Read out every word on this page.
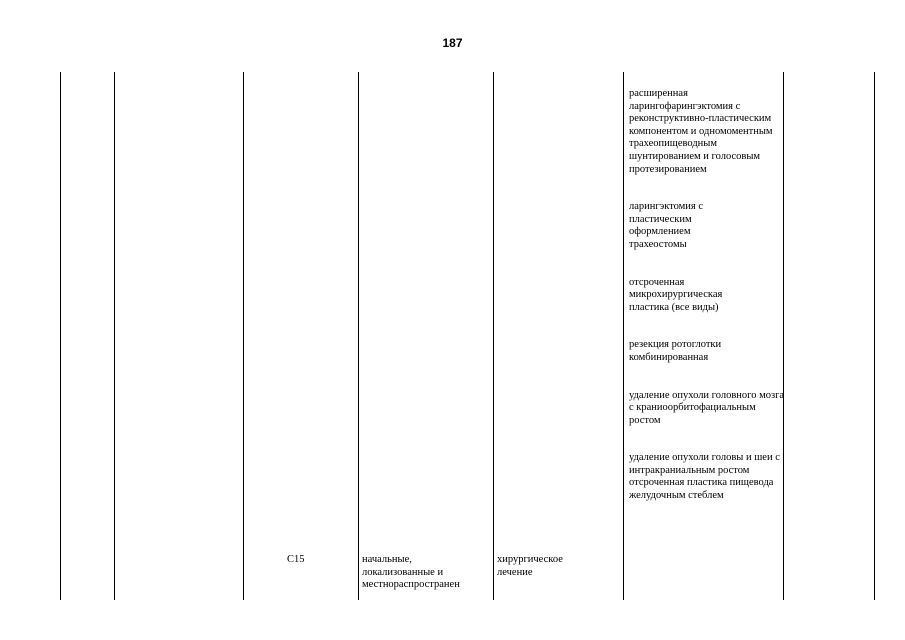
187

расширенная ларингофарингэктомия с реконструктивно-пластическим компонентом и одномоментным трахеопищеводным шунтированием и голосовым протезированием

ларингэктомия с пластическим оформлением трахеостомы

отсроченная микрохирургическая пластика (все виды)

резекция ротоглотки комбинированная

удаление опухоли головного мозга с краниоорбитофациальным ростом

удаление опухоли головы и шеи с интракраниальным ростом

отсроченная пластика пищевода желудочным стеблем

C15	начальные, локализованные и местнораспространен
хирургическое лечение
